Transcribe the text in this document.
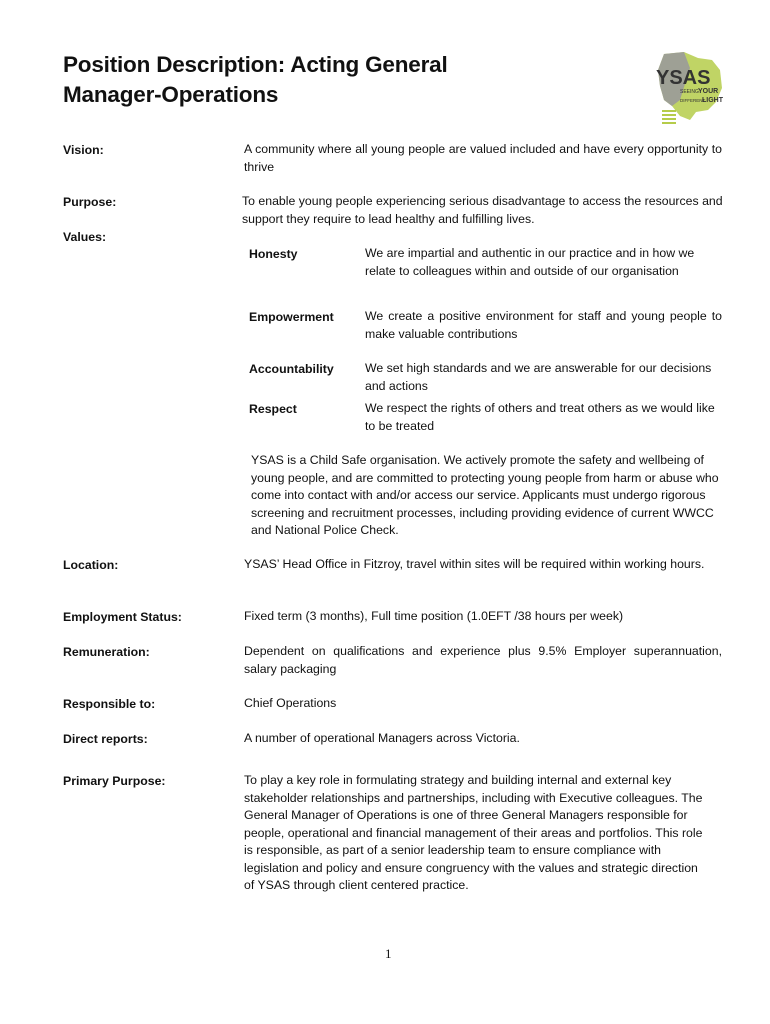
Position Description: Acting General Manager-Operations
YSAS
SEEING YOUR
DIFFERENT
LIGHT
Vision:	A community where all young people are valued included and have every opportunity to thrive
Purpose:	To enable young people experiencing serious disadvantage to access the resources and support they require to lead healthy and fulfilling lives.
Values:
Honesty	We are impartial and authentic in our practice and in how we relate to colleagues within and outside of our organisation
Empowerment	We create a positive environment for staff and young people to make valuable contributions
Accountability	We set high standards and we are answerable for our decisions and actions
Respect	We respect the rights of others and treat others as we would like to be treated
YSAS is a Child Safe organisation. We actively promote the safety and wellbeing of young people, and are committed to protecting young people from harm or abuse who come into contact with and/or access our service. Applicants must undergo rigorous screening and recruitment processes, including providing evidence of current WWCC and National Police Check.
Location:	YSAS’ Head Office in Fitzroy, travel within sites will be required within working hours.
Employment Status:	Fixed term (3 months), Full time position (1.0EFT /38 hours per week)
Remuneration:	Dependent on qualifications and experience plus 9.5% Employer superannuation, salary packaging
Responsible to:	Chief Operations
Direct reports:	A number of operational Managers across Victoria.
Primary Purpose:	To play a key role in formulating strategy and building internal and external key stakeholder relationships and partnerships, including with Executive colleagues. The General Manager of Operations is one of three General Managers responsible for people, operational and financial management of their areas and portfolios. This role is responsible, as part of a senior leadership team to ensure compliance with legislation and policy and ensure congruency with the values and strategic direction of YSAS through client centered practice.
1
